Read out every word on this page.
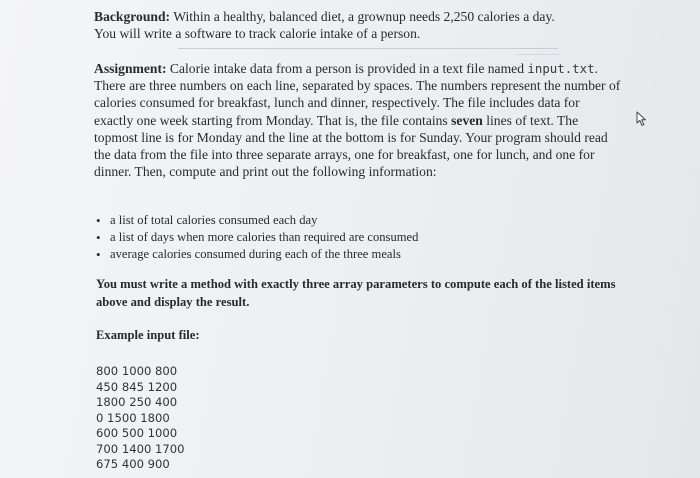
Background: Within a healthy, balanced diet, a grownup needs 2,250 calories a day.
You will write a software to track calorie intake of a person.

Assignment: Calorie intake data from a person is provided in a text file named input.txt. There are three numbers on each line, separated by spaces. The numbers represent the number of calories consumed for breakfast, lunch and dinner, respectively. The file includes data for exactly one week starting from Monday. That is, the file contains seven lines of text. The topmost line is for Monday and the line at the bottom is for Sunday. Your program should read the data from the file into three separate arrays, one for breakfast, one for lunch, and one for dinner. Then, compute and print out the following information:

• a list of total calories consumed each day
• a list of days when more calories than required are consumed
• average calories consumed during each of the three meals

You must write a method with exactly three array parameters to compute each of the listed items above and display the result.

Example input file:

800 1000 800
450 845 1200
1800 250 400
0 1500 1800
600 500 1000
700 1400 1700
675 400 900
